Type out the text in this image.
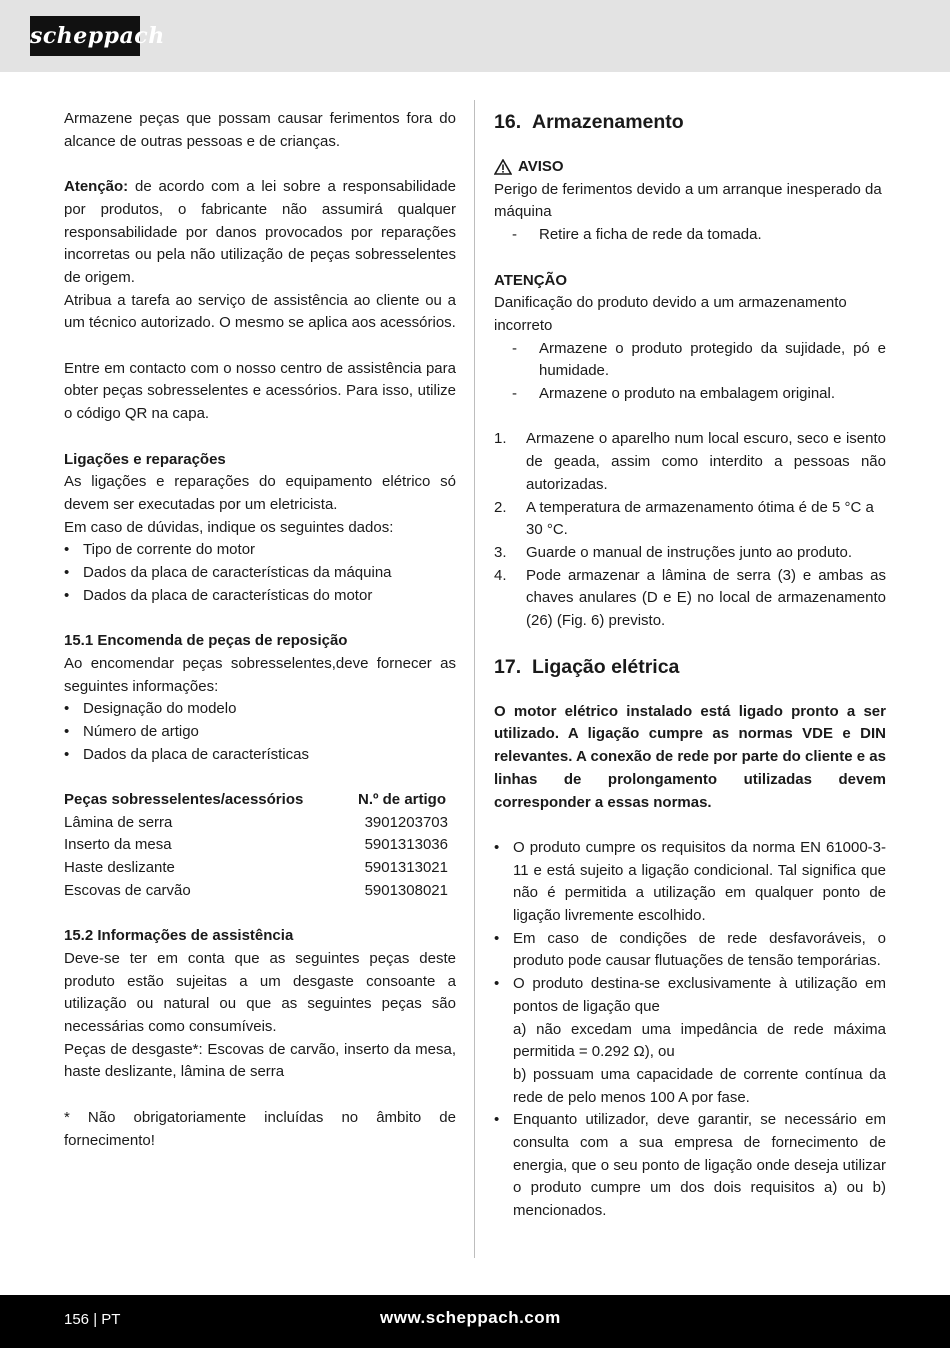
scheppach

Armazene peças que possam causar ferimentos fora do alcance de outras pessoas e de crianças.

Atenção: de acordo com a lei sobre a responsabilidade por produtos, o fabricante não assumirá qualquer responsabilidade por danos provocados por reparações incorretas ou pela não utilização de peças sobresselentes de origem.

Atribua a tarefa ao serviço de assistência ao cliente ou a um técnico autorizado. O mesmo se aplica aos acessórios.

Entre em contacto com o nosso centro de assistência para obter peças sobresselentes e acessórios. Para isso, utilize o código QR na capa.

Ligações e reparações

As ligações e reparações do equipamento elétrico só devem ser executadas por um eletricista.

Em caso de dúvidas, indique os seguintes dados:

• Tipo de corrente do motor

• Dados da placa de características da máquina

• Dados da placa de características do motor

15.1 Encomenda de peças de reposição

Ao encomendar peças sobresselentes,deve fornecer as seguintes informações:

• Designação do modelo

• Número de artigo

• Dados da placa de características

Peças sobresselentes/acessórios	N.º de artigo
Lâmina de serra	3901203703
Inserto da mesa	5901313036
Haste deslizante	5901313021
Escovas de carvão	5901308021

15.2 Informações de assistência

Deve-se ter em conta que as seguintes peças deste produto estão sujeitas a um desgaste consoante a utilização ou natural ou que as seguintes peças são necessárias como consumíveis.

Peças de desgaste*: Escovas de carvão, inserto da mesa, haste deslizante, lâmina de serra

* Não obrigatoriamente incluídas no âmbito de fornecimento!

16. Armazenamento

AVISO

Perigo de ferimentos devido a um arranque inesperado da máquina

- Retire a ficha de rede da tomada.

ATENÇÃO

Danificação do produto devido a um armazenamento incorreto

- Armazene o produto protegido da sujidade, pó e humidade.

- Armazene o produto na embalagem original.

1. Armazene o aparelho num local escuro, seco e isento de geada, assim como interdito a pessoas não autorizadas.

2. A temperatura de armazenamento ótima é de 5 °C a 30 °C.

3. Guarde o manual de instruções junto ao produto.

4. Pode armazenar a lâmina de serra (3) e ambas as chaves anulares (D e E) no local de armazenamento (26) (Fig. 6) previsto.

17. Ligação elétrica

O motor elétrico instalado está ligado pronto a ser utilizado. A ligação cumpre as normas VDE e DIN relevantes. A conexão de rede por parte do cliente e as linhas de prolongamento utilizadas devem corresponder a essas normas.

• O produto cumpre os requisitos da norma EN 61000-3-11 e está sujeito a ligação condicional. Tal significa que não é permitida a utilização em qualquer ponto de ligação livremente escolhido.

• Em caso de condições de rede desfavoráveis, o produto pode causar flutuações de tensão temporárias.

• O produto destina-se exclusivamente à utilização em pontos de ligação que

a) não excedam uma impedância de rede máxima permitida = 0.292 Ω), ou

b) possuam uma capacidade de corrente contínua da rede de pelo menos 100 A por fase.

• Enquanto utilizador, deve garantir, se necessário em consulta com a sua empresa de fornecimento de energia, que o seu ponto de ligação onde deseja utilizar o produto cumpre um dos dois requisitos a) ou b) mencionados.

156 | PT	www.scheppach.com
